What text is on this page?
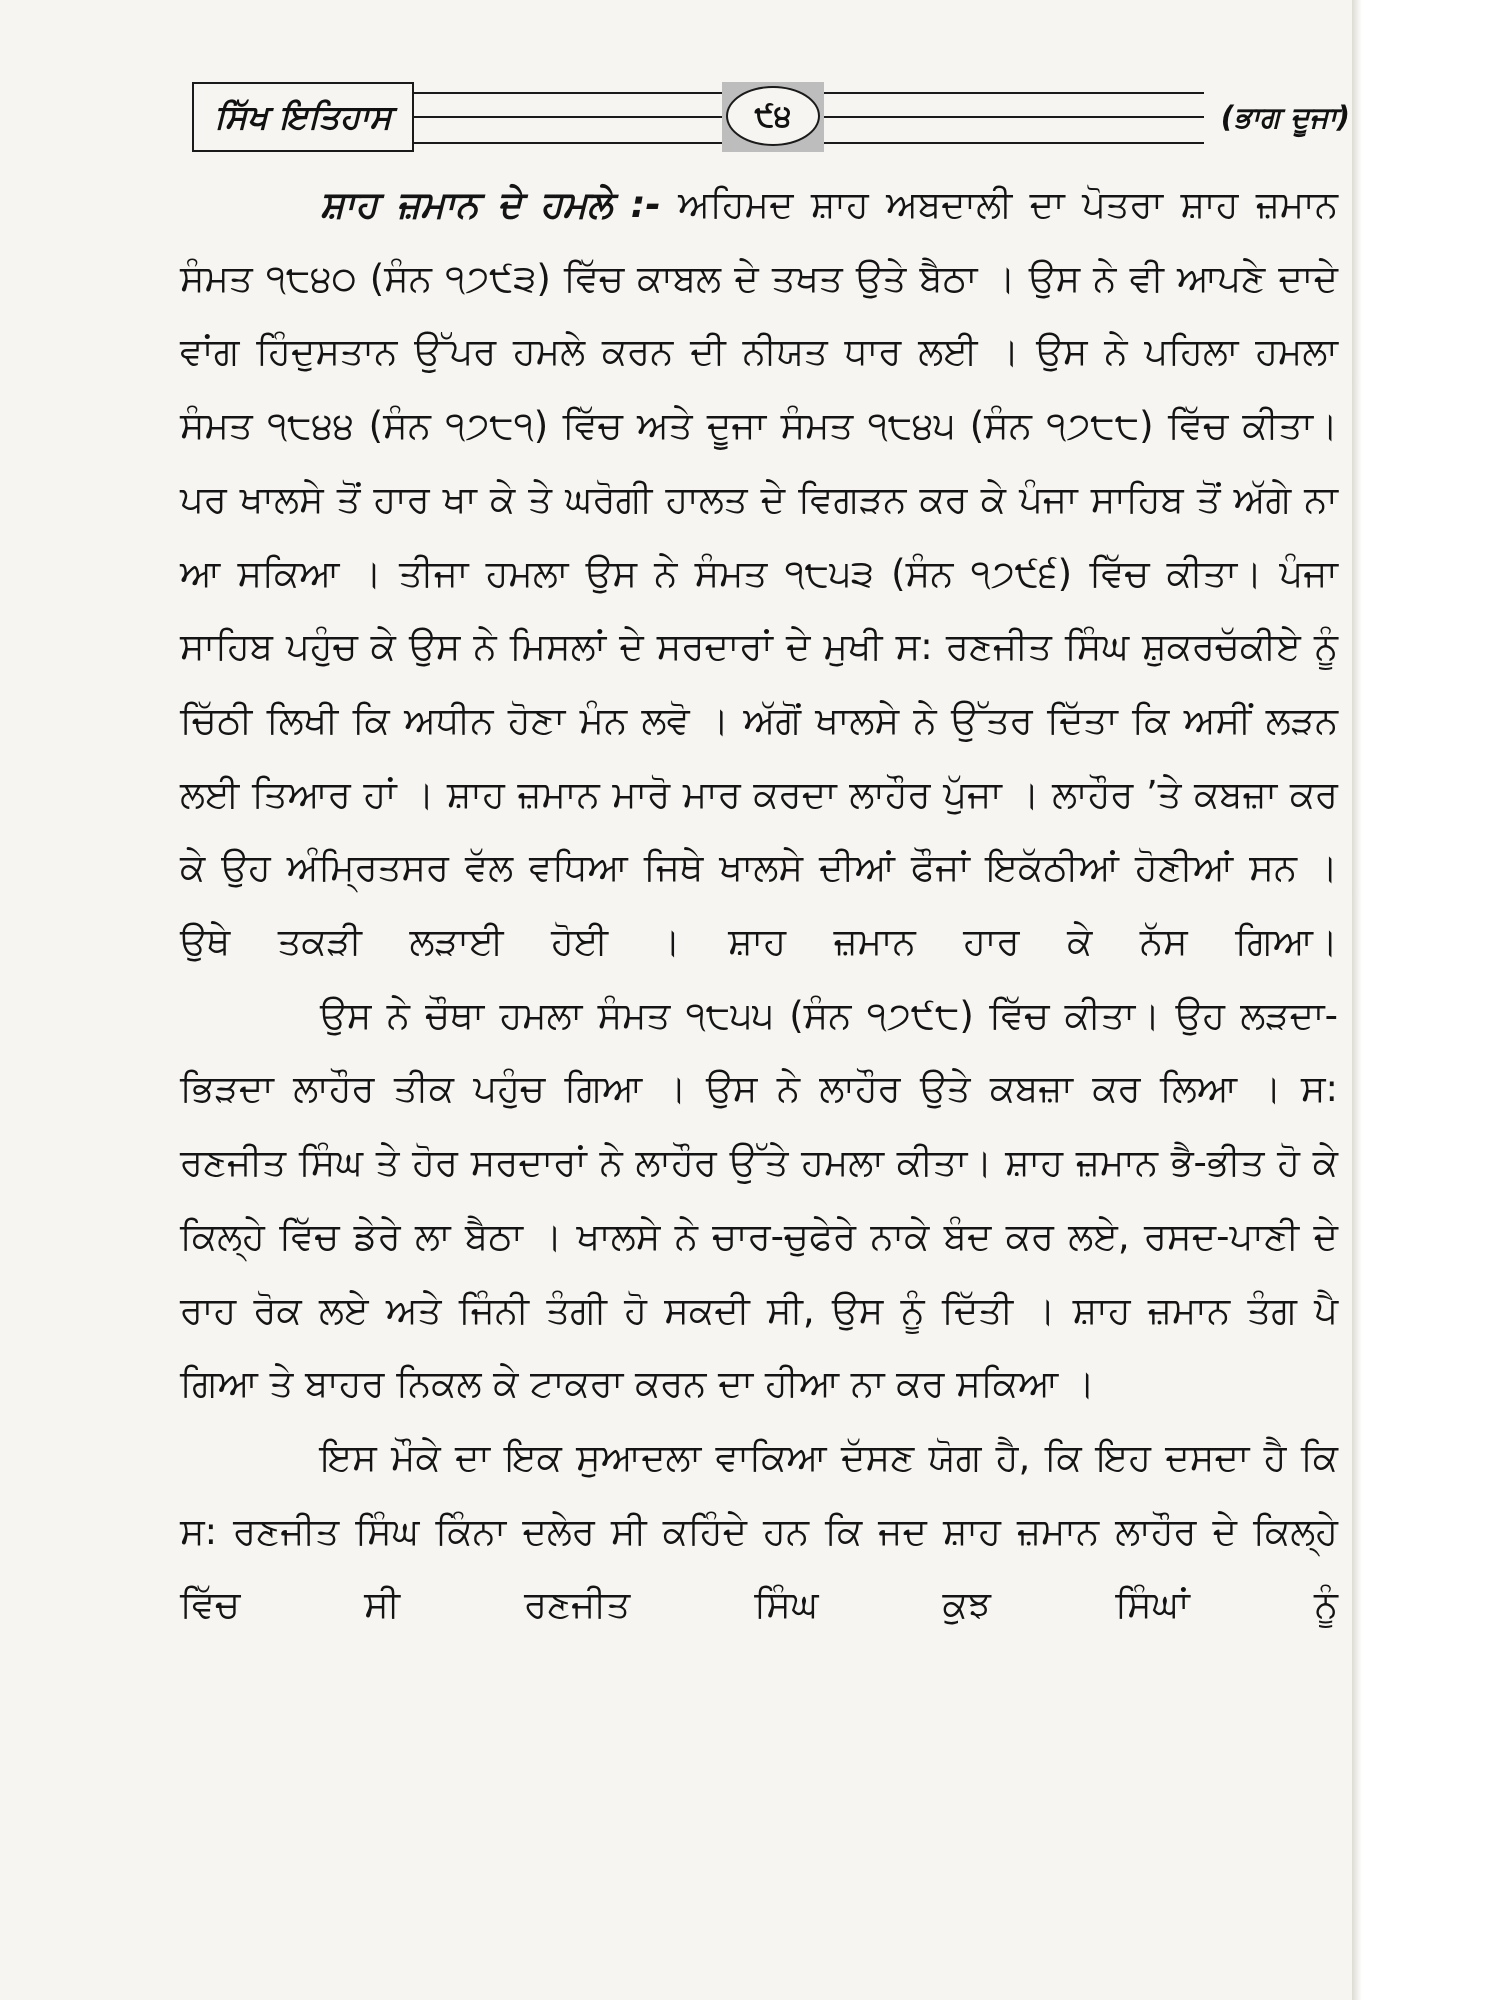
ਸਿੱਖ ਇਤਿਹਾਸ	੯੪	(ਭਾਗ ਦੂਜਾ)

ਸ਼ਾਹ ਜ਼ਮਾਨ ਦੇ ਹਮਲੇ :- ਅਹਿਮਦ ਸ਼ਾਹ ਅਬਦਾਲੀ ਦਾ ਪੋਤਰਾ ਸ਼ਾਹ ਜ਼ਮਾਨ ਸੰਮਤ ੧੮੪੦ (ਸੰਨ ੧੭੯੩) ਵਿੱਚ ਕਾਬਲ ਦੇ ਤਖਤ ਉਤੇ ਬੈਠਾ । ਉਸ ਨੇ ਵੀ ਆਪਣੇ ਦਾਦੇ ਵਾਂਗ ਹਿੰਦੁਸਤਾਨ ਉੱਪਰ ਹਮਲੇ ਕਰਨ ਦੀ ਨੀਯਤ ਧਾਰ ਲਈ । ਉਸ ਨੇ ਪਹਿਲਾ ਹਮਲਾ ਸੰਮਤ ੧੮੪੪ (ਸੰਨ ੧੭੮੧) ਵਿੱਚ ਅਤੇ ਦੂਜਾ ਸੰਮਤ ੧੮੪੫ (ਸੰਨ ੧੭੮੮) ਵਿੱਚ ਕੀਤਾ। ਪਰ ਖਾਲਸੇ ਤੋਂ ਹਾਰ ਖਾ ਕੇ ਤੇ ਘਰੋਗੀ ਹਾਲਤ ਦੇ ਵਿਗੜਨ ਕਰ ਕੇ ਪੰਜਾ ਸਾਹਿਬ ਤੋਂ ਅੱਗੇ ਨਾ ਆ ਸਕਿਆ । ਤੀਜਾ ਹਮਲਾ ਉਸ ਨੇ ਸੰਮਤ ੧੮੫੩ (ਸੰਨ ੧੭੯੬) ਵਿੱਚ ਕੀਤਾ। ਪੰਜਾ ਸਾਹਿਬ ਪਹੁੰਚ ਕੇ ਉਸ ਨੇ ਮਿਸਲਾਂ ਦੇ ਸਰਦਾਰਾਂ ਦੇ ਮੁਖੀ ਸ: ਰਣਜੀਤ ਸਿੰਘ ਸ਼ੁਕਰਚੱਕੀਏ ਨੂੰ ਚਿੱਠੀ ਲਿਖੀ ਕਿ ਅਧੀਨ ਹੋਣਾ ਮੰਨ ਲਵੋ । ਅੱਗੋਂ ਖਾਲਸੇ ਨੇ ਉੱਤਰ ਦਿੱਤਾ ਕਿ ਅਸੀਂ ਲੜਨ ਲਈ ਤਿਆਰ ਹਾਂ । ਸ਼ਾਹ ਜ਼ਮਾਨ ਮਾਰੋ ਮਾਰ ਕਰਦਾ ਲਾਹੌਰ ਪੁੱਜਾ । ਲਾਹੌਰ ’ਤੇ ਕਬਜ਼ਾ ਕਰ ਕੇ ਉਹ ਅੰਮ੍ਰਿਤਸਰ ਵੱਲ ਵਧਿਆ ਜਿਥੇ ਖਾਲਸੇ ਦੀਆਂ ਫੌਜਾਂ ਇਕੱਠੀਆਂ ਹੋਣੀਆਂ ਸਨ । ਉਥੇ ਤਕੜੀ ਲੜਾਈ ਹੋਈ । ਸ਼ਾਹ ਜ਼ਮਾਨ ਹਾਰ ਕੇ ਨੱਸ ਗਿਆ।

ਉਸ ਨੇ ਚੌਥਾ ਹਮਲਾ ਸੰਮਤ ੧੮੫੫ (ਸੰਨ ੧੭੯੮) ਵਿੱਚ ਕੀਤਾ। ਉਹ ਲੜਦਾ-ਭਿੜਦਾ ਲਾਹੌਰ ਤੀਕ ਪਹੁੰਚ ਗਿਆ । ਉਸ ਨੇ ਲਾਹੌਰ ਉਤੇ ਕਬਜ਼ਾ ਕਰ ਲਿਆ । ਸ: ਰਣਜੀਤ ਸਿੰਘ ਤੇ ਹੋਰ ਸਰਦਾਰਾਂ ਨੇ ਲਾਹੌਰ ਉੱਤੇ ਹਮਲਾ ਕੀਤਾ। ਸ਼ਾਹ ਜ਼ਮਾਨ ਭੈ-ਭੀਤ ਹੋ ਕੇ ਕਿਲ੍ਹੇ ਵਿੱਚ ਡੇਰੇ ਲਾ ਬੈਠਾ । ਖਾਲਸੇ ਨੇ ਚਾਰ-ਚੁਫੇਰੇ ਨਾਕੇ ਬੰਦ ਕਰ ਲਏ, ਰਸਦ-ਪਾਣੀ ਦੇ ਰਾਹ ਰੋਕ ਲਏ ਅਤੇ ਜਿੰਨੀ ਤੰਗੀ ਹੋ ਸਕਦੀ ਸੀ, ਉਸ ਨੂੰ ਦਿੱਤੀ । ਸ਼ਾਹ ਜ਼ਮਾਨ ਤੰਗ ਪੈ ਗਿਆ ਤੇ ਬਾਹਰ ਨਿਕਲ ਕੇ ਟਾਕਰਾ ਕਰਨ ਦਾ ਹੀਆ ਨਾ ਕਰ ਸਕਿਆ ।

ਇਸ ਮੌਕੇ ਦਾ ਇਕ ਸੁਆਦਲਾ ਵਾਕਿਆ ਦੱਸਣ ਯੋਗ ਹੈ, ਕਿ ਇਹ ਦਸਦਾ ਹੈ ਕਿ ਸ: ਰਣਜੀਤ ਸਿੰਘ ਕਿੰਨਾ ਦਲੇਰ ਸੀ ਕਹਿੰਦੇ ਹਨ ਕਿ ਜਦ ਸ਼ਾਹ ਜ਼ਮਾਨ ਲਾਹੌਰ ਦੇ ਕਿਲ੍ਹੇ ਵਿੱਚ ਸੀ ਰਣਜੀਤ ਸਿੰਘ ਕੁਝ ਸਿੰਘਾਂ ਨੂੰ
